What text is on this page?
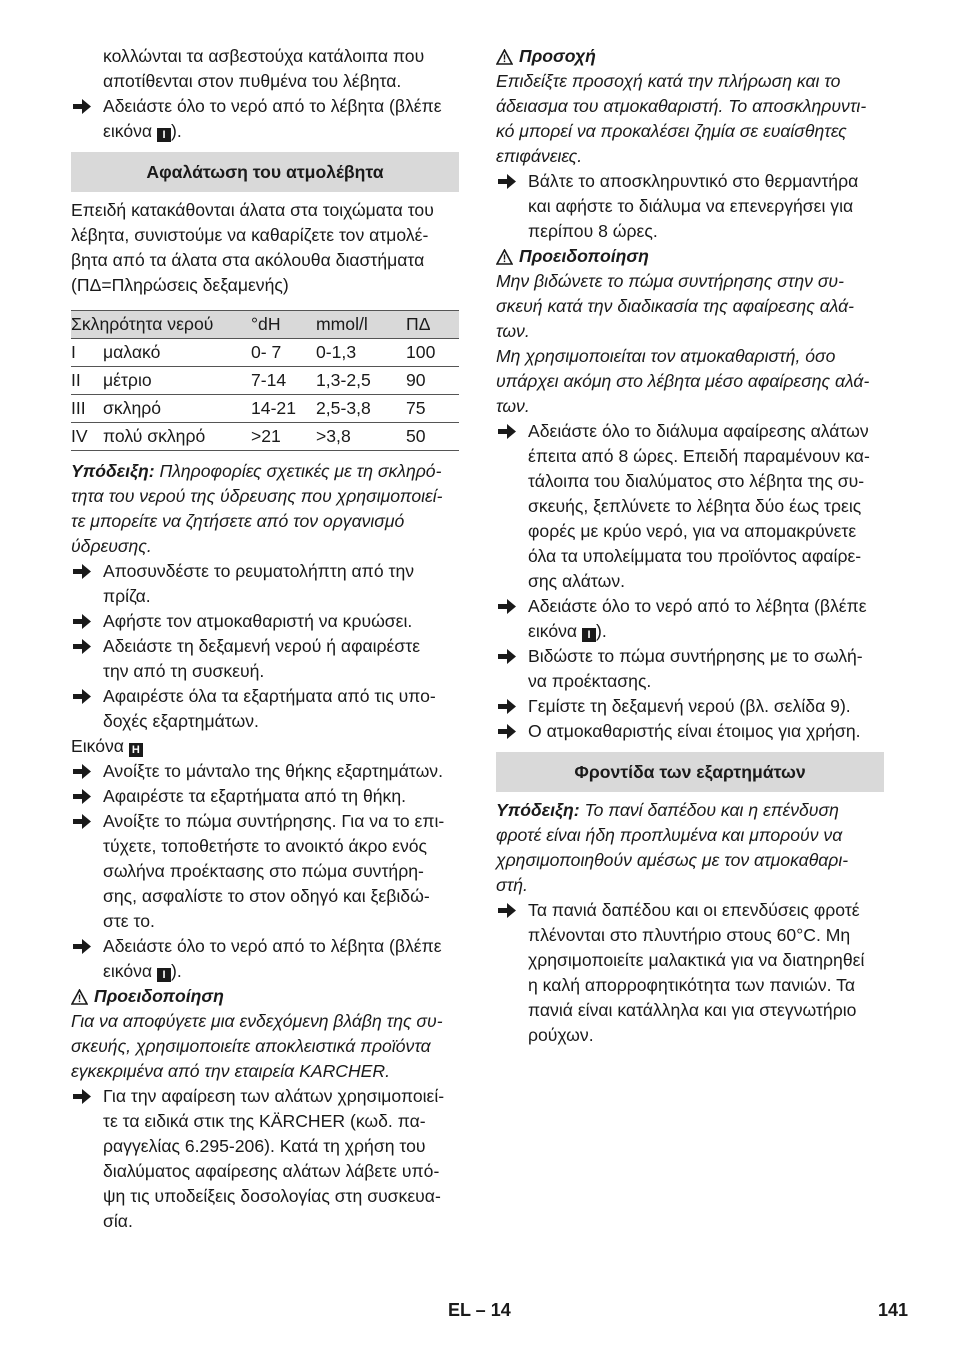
κολλώνται τα ασβεστούχα κατάλοιπα που

αποτίθενται στον πυθμένα του λέβητα.

Αδειάστε όλο το νερό από το λέβητα (βλέπε
εικόνα I ).
Αφαλάτωση του ατμολέβητα

Επειδή κατακάθονται άλατα στα τοιχώματα του

λέβητα, συνιστούμε να καθαρίζετε τον ατμολέ-

βητα από τα άλατα στα ακόλουθα διαστήματα

(ΠΔ=Πληρώσεις δεξαμενής)

Σκληρότητα νερού		°dH	mmol/l	ΠΔ
I	μαλακό	0- 7	0-1,3	100
II	μέτριο	7-14	1,3-2,5	90
III	σκληρό	14-21	2,5-3,8	75
IV	πολύ σκληρό	>21	>3,8	50

Υπόδειξη: Πληροφορίες σχετικές με τη σκληρό-

τητα του νερού της ύδρευσης που χρησιμοποιεί-

τε μπορείτε να ζητήσετε από τον οργανισμό

ύδρευσης.

Αποσυνδέστε το ρευματολήπτη από την
πρίζα.
Αφήστε τον ατμοκαθαριστή να κρυώσει.
Αδειάστε τη δεξαμενή νερού ή αφαιρέστε
την από τη συσκευή.
Αφαιρέστε όλα τα εξαρτήματα από τις υπο-
δοχές εξαρτημάτων.

Εικόνα H

Ανοίξτε το μάνταλο της θήκης εξαρτημάτων.
Αφαιρέστε τα εξαρτήματα από τη θήκη.
Ανοίξτε το πώμα συντήρησης. Για να το επι-
τύχετε, τοποθετήστε το ανοικτό άκρο ενός
σωλήνα προέκτασης στο πώμα συντήρη-
σης, ασφαλίστε το στον οδηγό και ξεβιδώ-
στε το.
Αδειάστε όλο το νερό από το λέβητα (βλέπε
εικόνα I ).
Προειδοποίηση

Για να αποφύγετε μια ενδεχόμενη βλάβη της συ-

σκευής, χρησιμοποιείτε αποκλειστικά προϊόντα

εγκεκριμένα από την εταιρεία KARCHER.

Για την αφαίρεση των αλάτων χρησιμοποιεί-
τε τα ειδικά στικ της KÄRCHER (κωδ. πα-
ραγγελίας 6.295-206). Κατά τη χρήση του
διαλύματος αφαίρεσης αλάτων λάβετε υπό-
ψη τις υποδείξεις δοσολογίας στη συσκευα-
σία.
Προσοχή

Επιδείξτε προσοχή κατά την πλήρωση και το

άδειασμα του ατμοκαθαριστή. Το αποσκληρυντι-

κό μπορεί να προκαλέσει ζημία σε ευαίσθητες

επιφάνειες.

Βάλτε το αποσκληρυντικό στο θερμαντήρα
και αφήστε το διάλυμα να επενεργήσει για
περίπου 8 ώρες.
Προειδοποίηση

Μην βιδώνετε το πώμα συντήρησης στην συ-

σκευή κατά την διαδικασία της αφαίρεσης αλά-

των.

Μη χρησιμοποιείται τον ατμοκαθαριστή, όσο

υπάρχει ακόμη στο λέβητα μέσο αφαίρεσης αλά-

των.

Αδειάστε όλο το διάλυμα αφαίρεσης αλάτων
έπειτα από 8 ώρες. Επειδή παραμένουν κα-
τάλοιπα του διαλύματος στο λέβητα της συ-
σκευής, ξεπλύνετε το λέβητα δύο έως τρεις
φορές με κρύο νερό, για να απομακρύνετε
όλα τα υπολείμματα του προϊόντος αφαίρε-
σης αλάτων.
Αδειάστε όλο το νερό από το λέβητα (βλέπε
εικόνα I ).
Βιδώστε το πώμα συντήρησης με το σωλή-
να προέκτασης.
Γεμίστε τη δεξαμενή νερού (βλ. σελίδα 9).
Ο ατμοκαθαριστής είναι έτοιμος για χρήση.
Φροντίδα των εξαρτημάτων

Υπόδειξη: Το πανί δαπέδου και η επένδυση

φροτέ είναι ήδη προπλυμένα και μπορούν να

χρησιμοποιηθούν αμέσως με τον ατμοκαθαρι-

στή.

Τα πανιά δαπέδου και οι επενδύσεις φροτέ
πλένονται στο πλυντήριο στους 60°C. Μη
χρησιμοποιείτε μαλακτικά για να διατηρηθεί
η καλή απορροφητικότητα των πανιών. Τα
πανιά είναι κατάλληλα και για στεγνωτήριο
ρούχων.
EL – 14	141
